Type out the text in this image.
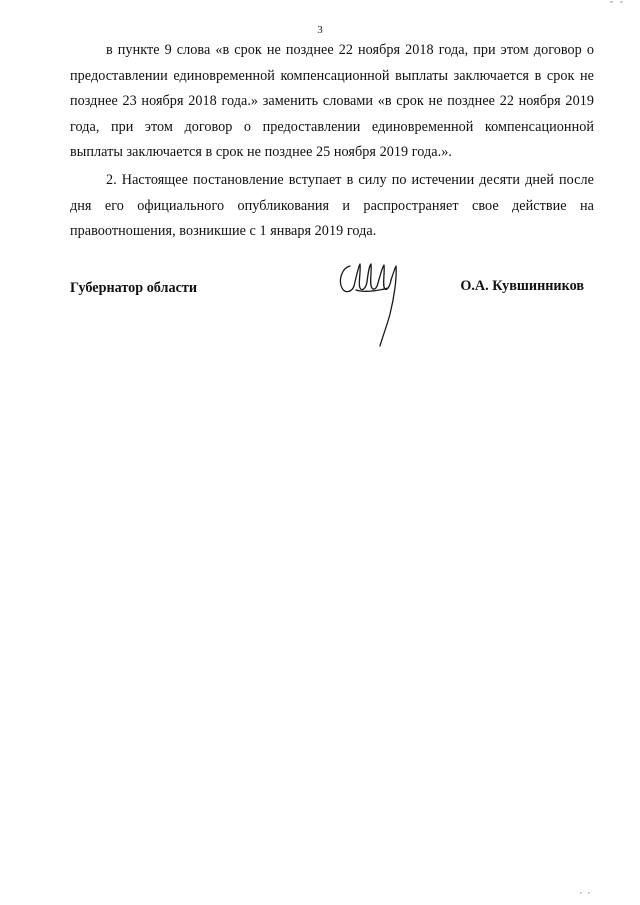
3

в пункте 9 слова «в срок не позднее 22 ноября 2018 года, при этом договор о предоставлении единовременной компенсационной выплаты заключается в срок не позднее 23 ноября 2018 года.» заменить словами «в срок не позднее 22 ноября 2019 года, при этом договор о предоставлении единовременной компенсационной выплаты заключается в срок не позднее 25 ноября 2019 года.».

2. Настоящее постановление вступает в силу по истечении десяти дней после дня его официального опубликования и распространяет свое действие на правоотношения, возникшие с 1 января 2019 года.

Губернатор области	О.А. Кувшинников
